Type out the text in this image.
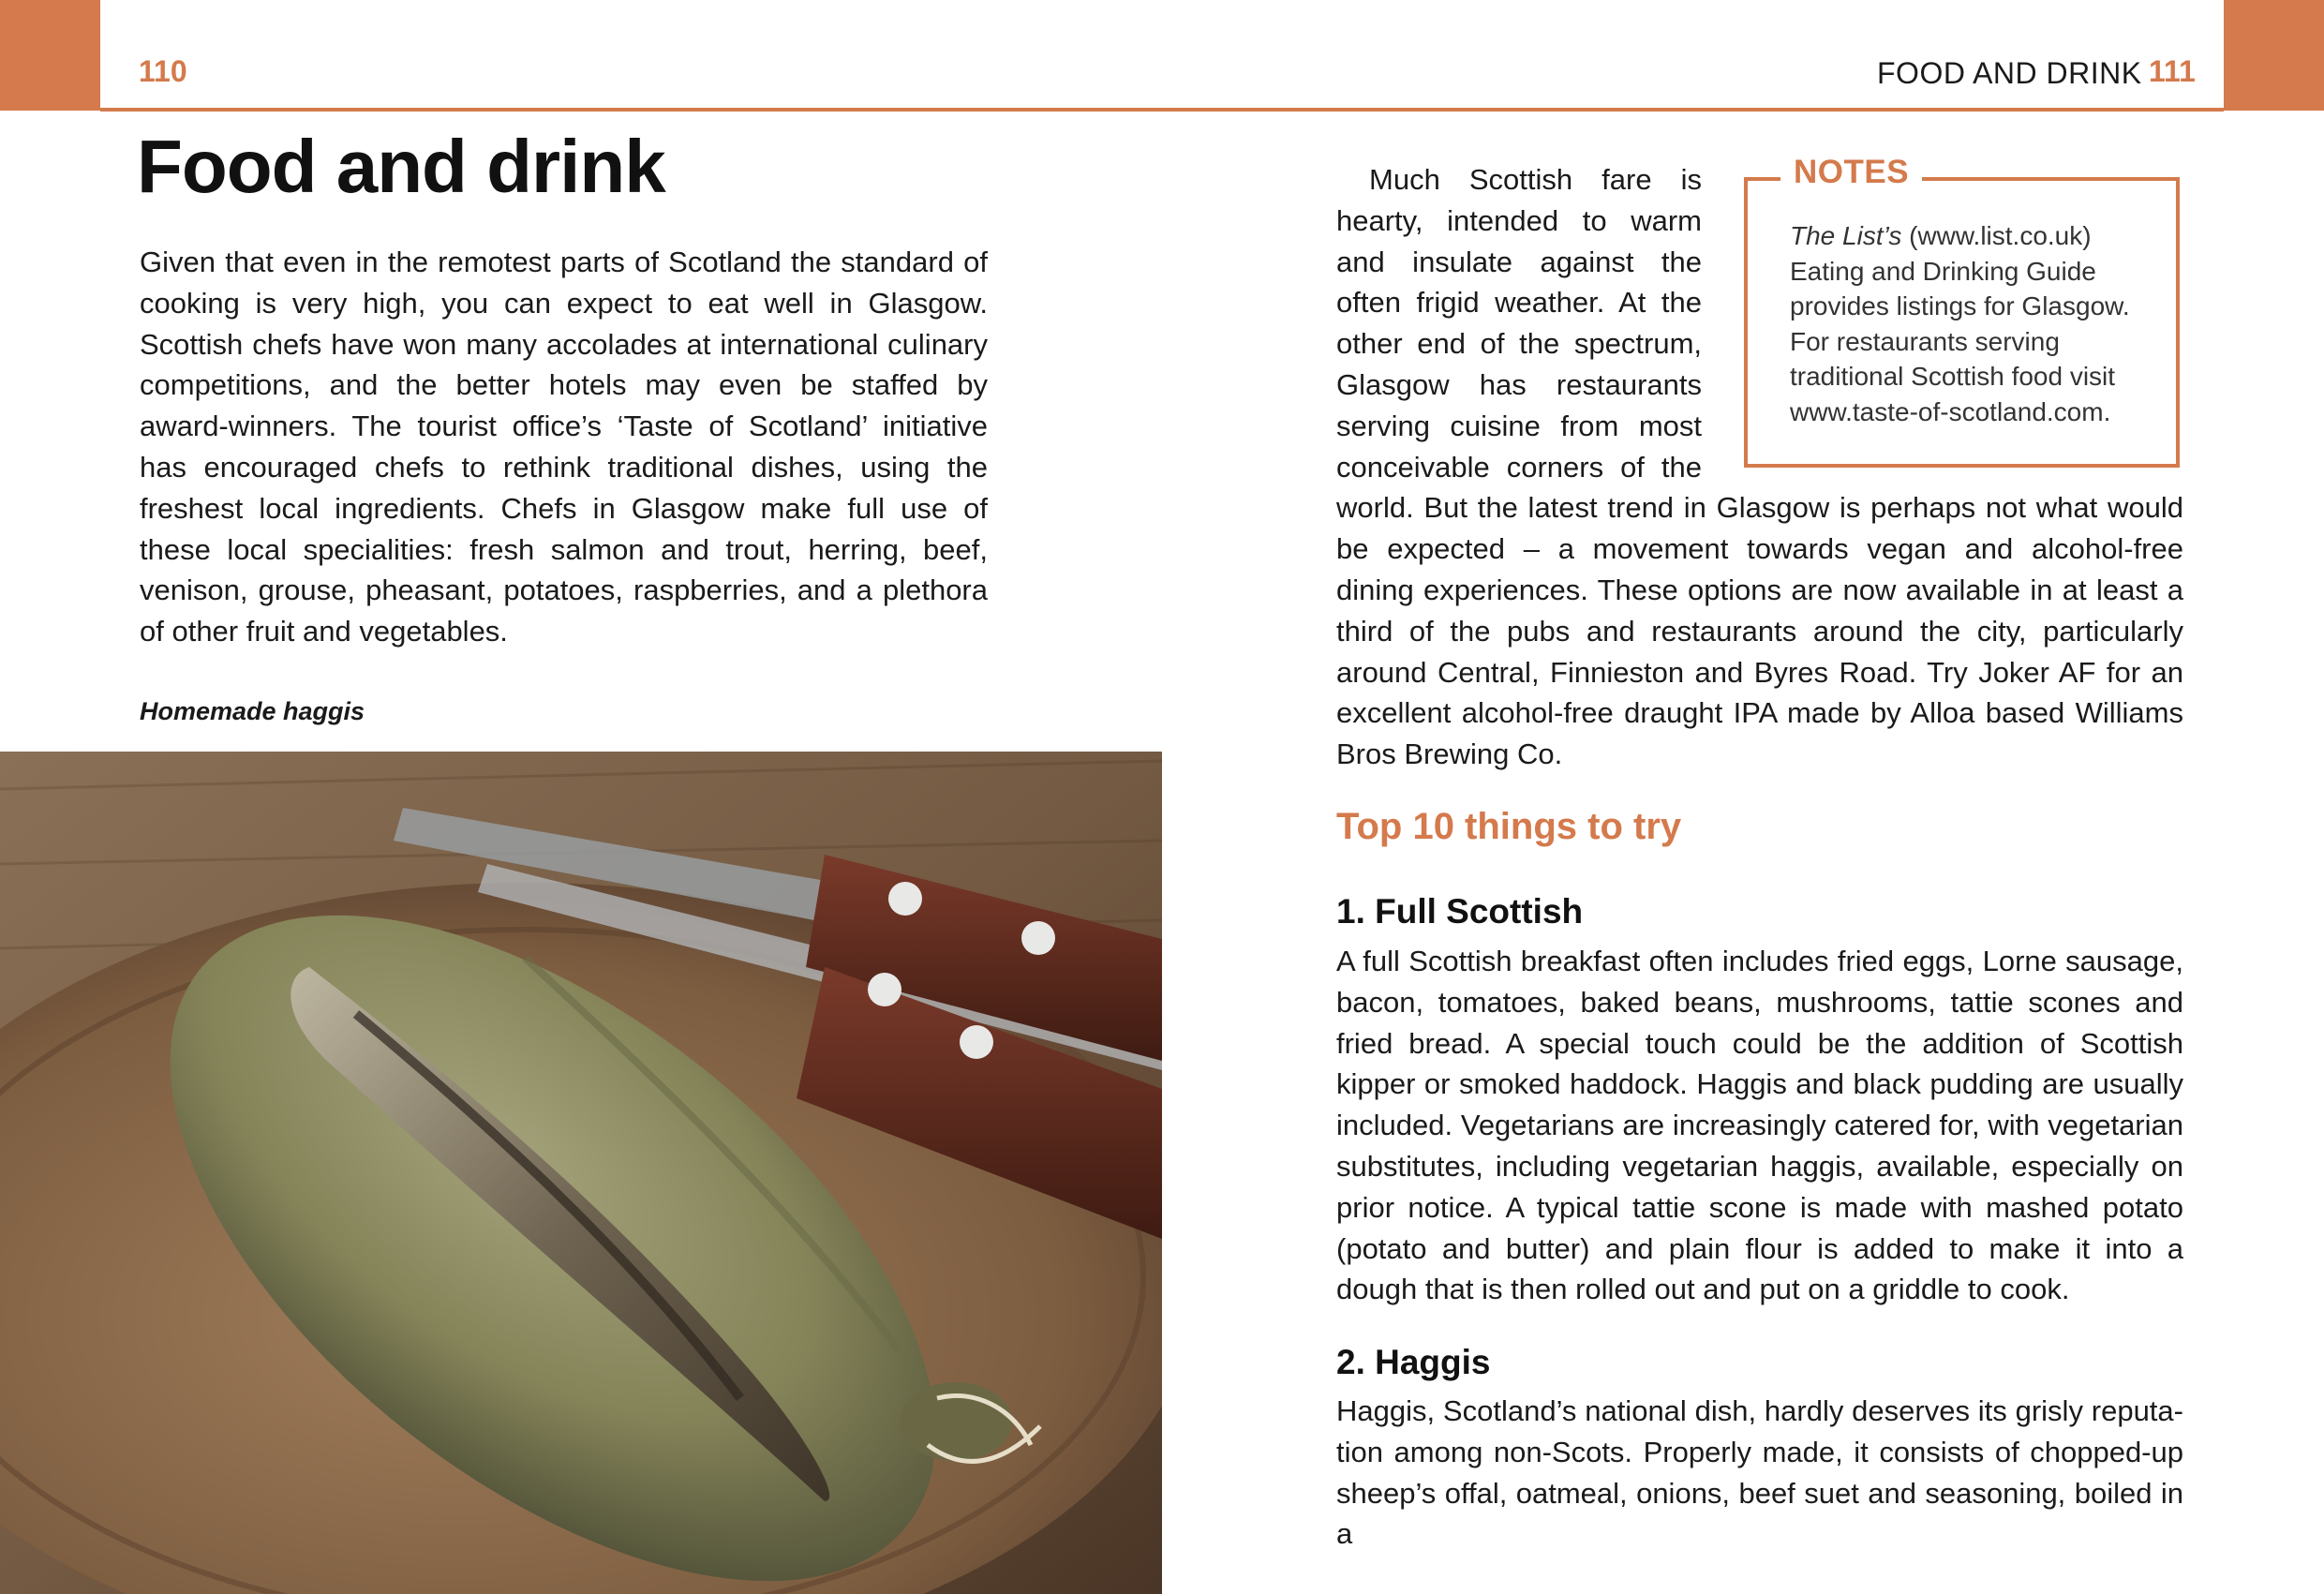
110	FOOD AND DRINK 111
Food and drink

Given that even in the remotest parts of Scotland the standard of cooking is very high, you can expect to eat well in Glasgow. Scottish chefs have won many accolades at international culinary competitions, and the better hotels may even be staffed by award-winners. The tourist office’s ‘Taste of Scotland’ initiative has encouraged chefs to rethink traditional dishes, using the freshest local ingredients. Chefs in Glasgow make full use of these local specialities: fresh salmon and trout, herring, beef, venison, grouse, pheasant, potatoes, raspberries, and a plethora of other fruit and vegetables.

Homemade haggis

Much Scottish fare is hearty, intended to warm and insulate against the often frigid weather. At the other end of the spectrum, Glasgow has restaurants serving cuisine from most conceivable corners of the world. But the latest trend in Glasgow is perhaps not what would be expected – a movement towards vegan and alcohol-free dining experiences. These options are now available in at least a third of the pubs and restaurants around the city, particularly around Central, Finnieston and Byres Road. Try Joker AF for an excellent alcohol-free draught IPA made by Alloa based Williams Bros Brewing Co.

NOTES

The List’s (www.list.co.uk) Eating and Drinking Guide provides listings for Glasgow. For restaurants serving traditional Scottish food visit www.taste-of-scotland.com.

Top 10 things to try
1. Full Scottish

A full Scottish breakfast often includes fried eggs, Lorne sausage, bacon, tomatoes, baked beans, mushrooms, tattie scones and fried bread. A special touch could be the addition of Scottish kipper or smoked haddock. Haggis and black pudding are usually included. Vegetarians are increasingly catered for, with vegetarian substitutes, including vegetarian haggis, available, especially on prior notice. A typical tattie scone is made with mashed potato (potato and butter) and plain flour is added to make it into a dough that is then rolled out and put on a griddle to cook.

2. Haggis

Haggis, Scotland’s national dish, hardly deserves its grisly reputation among non-Scots. Properly made, it consists of chopped-up sheep’s offal, oatmeal, onions, beef suet and seasoning, boiled in a
